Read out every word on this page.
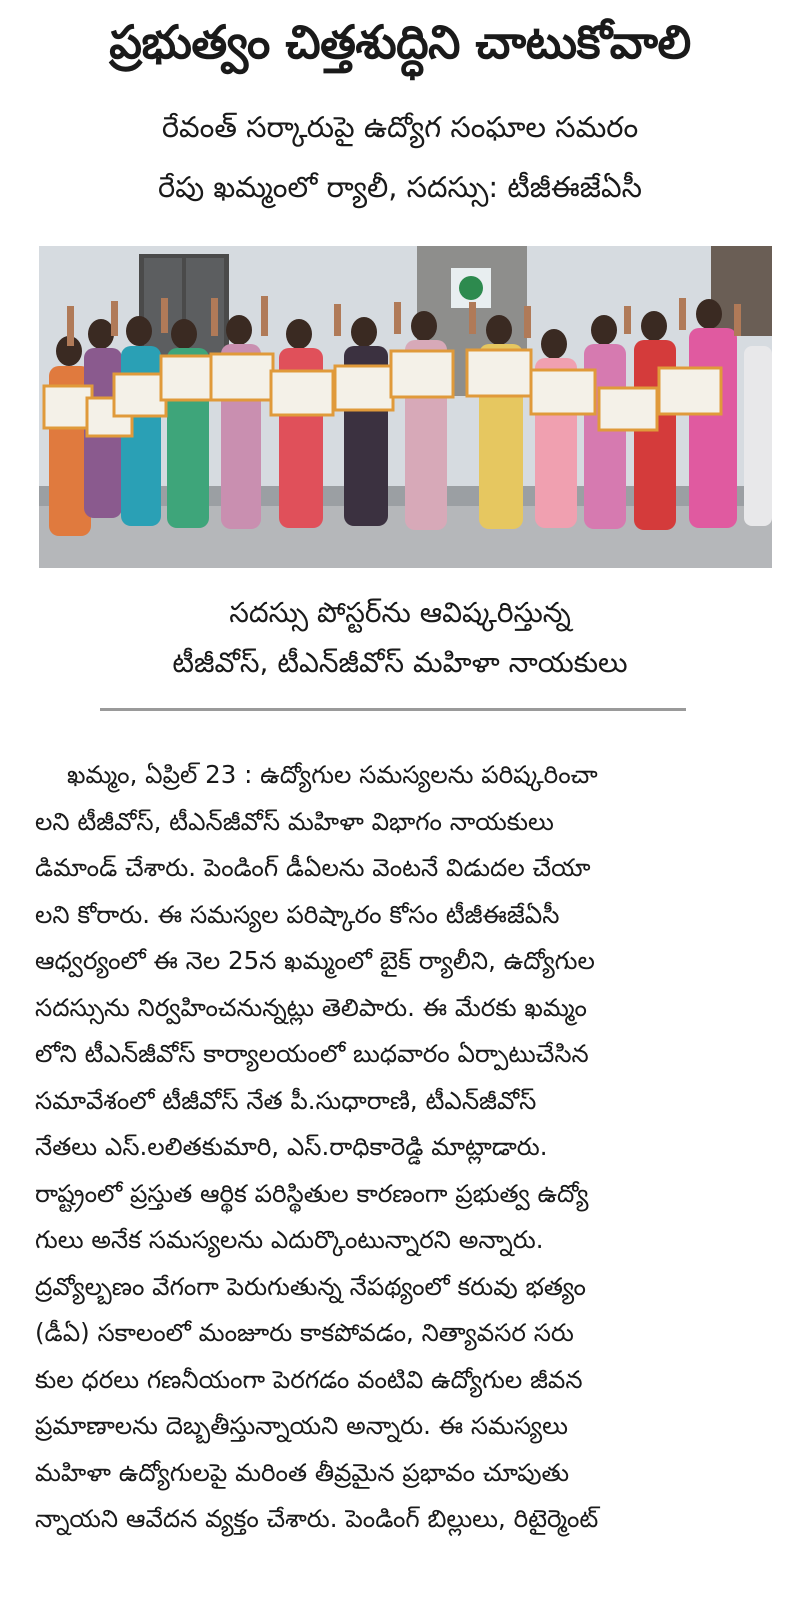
ప్రభుత్వం చిత్తశుద్ధిని చాటుకోవాలి
రేవంత్ సర్కారుపై ఉద్యోగ సంఘాల సమరం
రేపు ఖమ్మంలో ర్యాలీ, సదస్సు: టీజీఈజేఏసీ
సదస్సు పోస్టర్‌ను ఆవిష్కరిస్తున్న
టీజీవోస్, టీఎన్‌జీవోస్ మహిళా నాయకులు
ఖమ్మం, ఏప్రిల్ 23 : ఉద్యోగుల సమస్యలను పరిష్కరించా
లని టీజీవోస్, టీఎన్‌జీవోస్ మహిళా విభాగం నాయకులు
డిమాండ్ చేశారు. పెండింగ్ డీఏలను వెంటనే విడుదల చేయా
లని కోరారు. ఈ సమస్యల పరిష్కారం కోసం టీజీఈజేఏసీ
ఆధ్వర్యంలో ఈ నెల 25న ఖమ్మంలో బైక్ ర్యాలీని, ఉద్యోగుల
సదస్సును నిర్వహించనున్నట్లు తెలిపారు. ఈ మేరకు ఖమ్మం
లోని టీఎన్‌జీవోస్ కార్యాలయంలో బుధవారం ఏర్పాటుచేసిన
సమావేశంలో టీజీవోస్ నేత పీ.సుధారాణి, టీఎన్‌జీవోస్
నేతలు ఎస్.లలితకుమారి, ఎస్.రాధికారెడ్డి మాట్లాడారు.
రాష్ట్రంలో ప్రస్తుత ఆర్థిక పరిస్థితుల కారణంగా ప్రభుత్వ ఉద్యో
గులు అనేక సమస్యలను ఎదుర్కొంటున్నారని అన్నారు.
ద్రవ్యోల్బణం వేగంగా పెరుగుతున్న నేపథ్యంలో కరువు భత్యం
(డీఏ) సకాలంలో మంజూరు కాకపోవడం, నిత్యావసర సరు
కుల ధరలు గణనీయంగా పెరగడం వంటివి ఉద్యోగుల జీవన
ప్రమాణాలను దెబ్బతీస్తున్నాయని అన్నారు. ఈ సమస్యలు
మహిళా ఉద్యోగులపై మరింత తీవ్రమైన ప్రభావం చూపుతు
న్నాయని ఆవేదన వ్యక్తం చేశారు. పెండింగ్ బిల్లులు, రిటైర్మెంట్
